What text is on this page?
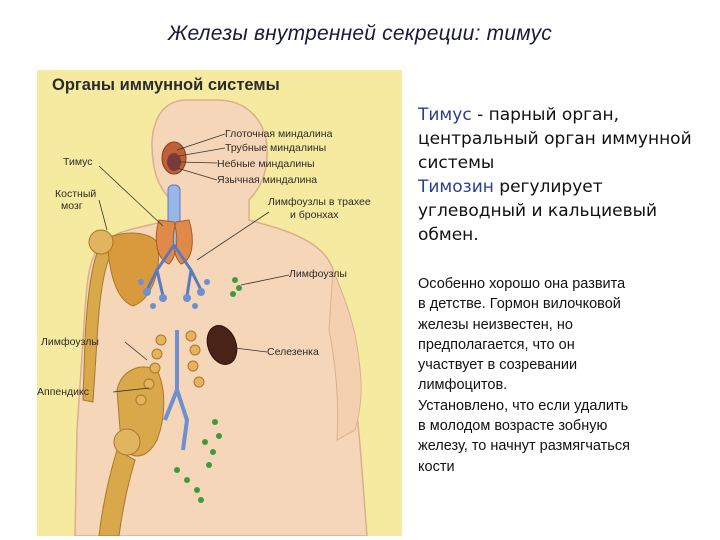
Железы внутренней секреции: тимус
Органы иммунной системы
Глоточная миндалина
Трубные миндалины
Небные миндалины
Язычная миндалина
Тимус
Костный
мозг	Лимфоузлы в трахее
и бронхах
Лимфоузлы
Селезенка
Лимфоузлы
Аппендикс
Тимус - парный орган,
центральный орган иммунной
системы
Тимозин регулирует
углеводный и кальциевый
обмен.

Особенно хорошо она развита

в детстве. Гормон вилочковой

железы неизвестен, но

предполагается, что он

участвует в созревании

лимфоцитов.

Установлено, что если удалить

в молодом возрасте зобную

железу, то начнут размягчаться

кости
